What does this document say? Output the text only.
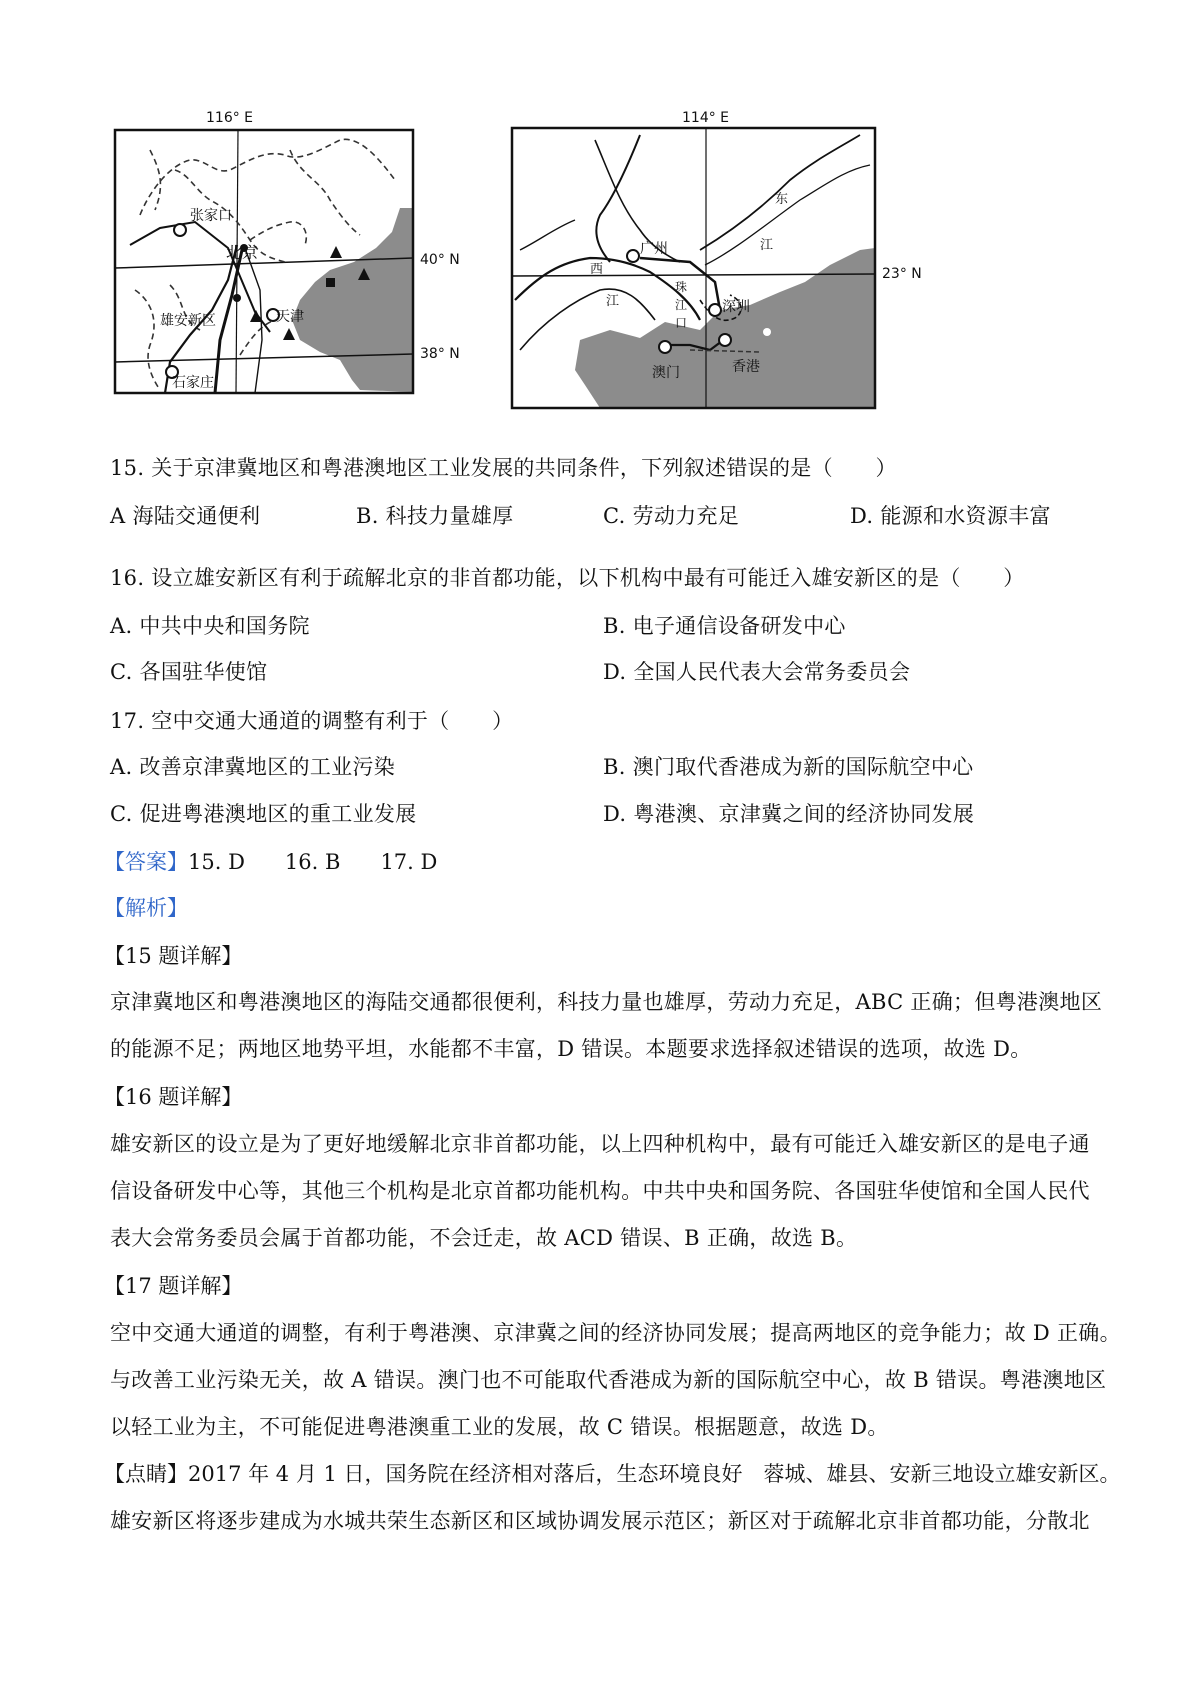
116° E
40° N
38° N
张家口
北京
雄安新区	天津
石家庄
114° E
23° N
广州
深圳
澳门	香港
东
江
西
江
珠
江
口
15. 关于京津冀地区和粤港澳地区工业发展的共同条件，下列叙述错误的是（　　）
A 海陆交通便利	B. 科技力量雄厚	C. 劳动力充足	D. 能源和水资源丰富
16. 设立雄安新区有利于疏解北京的非首都功能，以下机构中最有可能迁入雄安新区的是（　　）
A. 中共中央和国务院	B. 电子通信设备研发中心
C. 各国驻华使馆	D. 全国人民代表大会常务委员会
17. 空中交通大通道的调整有利于（　　）
A. 改善京津冀地区的工业污染	B. 澳门取代香港成为新的国际航空中心
C. 促进粤港澳地区的重工业发展	D. 粤港澳、京津冀之间的经济协同发展
【答案】15. D 16. B 17. D
【解析】
【15 题详解】
京津冀地区和粤港澳地区的海陆交通都很便利，科技力量也雄厚，劳动力充足，ABC 正确；但粤港澳地区
的能源不足；两地区地势平坦，水能都不丰富，D 错误。本题要求选择叙述错误的选项，故选 D。
【16 题详解】
雄安新区的设立是为了更好地缓解北京非首都功能，以上四种机构中，最有可能迁入雄安新区的是电子通
信设备研发中心等，其他三个机构是北京首都功能机构。中共中央和国务院、各国驻华使馆和全国人民代
表大会常务委员会属于首都功能，不会迁走，故 ACD 错误、B 正确，故选 B。
【17 题详解】
空中交通大通道的调整，有利于粤港澳、京津冀之间的经济协同发展；提高两地区的竞争能力；故 D 正确。
与改善工业污染无关，故 A 错误。澳门也不可能取代香港成为新的国际航空中心，故 B 错误。粤港澳地区
以轻工业为主，不可能促进粤港澳重工业的发展，故 C 错误。根据题意，故选 D。
【点睛】2017 年 4 月 1 日，国务院在经济相对落后，生态环境良好　蓉城、雄县、安新三地设立雄安新区。
雄安新区将逐步建成为水城共荣生态新区和区域协调发展示范区；新区对于疏解北京非首都功能，分散北
